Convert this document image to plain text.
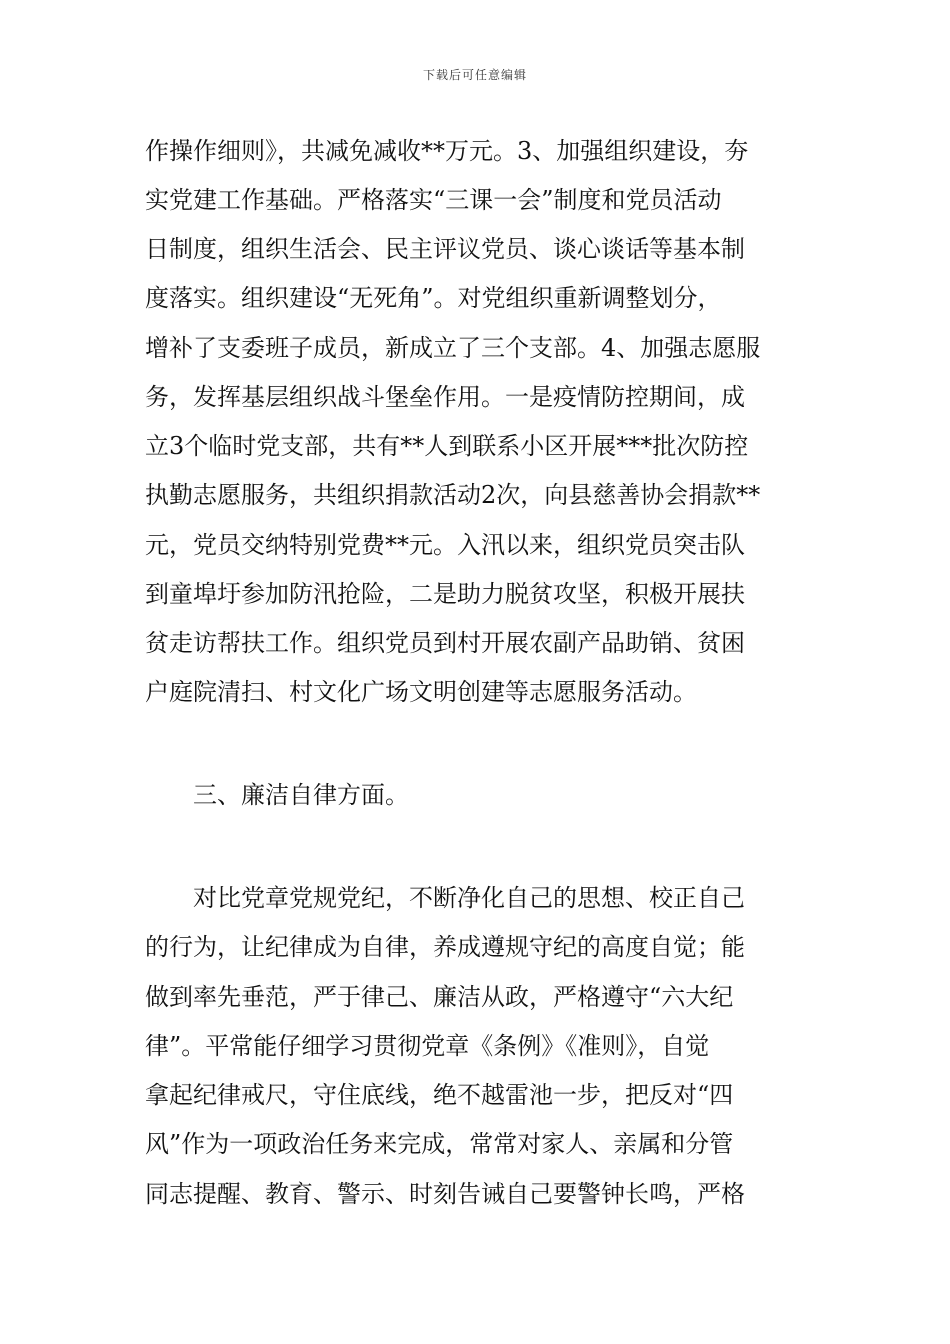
下载后可任意编辑
作操作细则》，共减免减收**万元。3、加强组织建设，夯
实党建工作基础。严格落实“三课一会”制度和党员活动
日制度，组织生活会、民主评议党员、谈心谈话等基本制
度落实。组织建设“无死角”。对党组织重新调整划分，
增补了支委班子成员，新成立了三个支部。4、加强志愿服
务，发挥基层组织战斗堡垒作用。一是疫情防控期间，成
立3个临时党支部，共有**人到联系小区开展***批次防控
执勤志愿服务，共组织捐款活动2次，向县慈善协会捐款**
元，党员交纳特别党费**元。入汛以来，组织党员突击队
到童埠圩参加防汛抢险，二是助力脱贫攻坚，积极开展扶
贫走访帮扶工作。组织党员到村开展农副产品助销、贫困
户庭院清扫、村文化广场文明创建等志愿服务活动。
三、廉洁自律方面。
对比党章党规党纪，不断净化自己的思想、校正自己
的行为，让纪律成为自律，养成遵规守纪的高度自觉；能
做到率先垂范，严于律己、廉洁从政，严格遵守“六大纪
律”。平常能仔细学习贯彻党章《条例》《准则》，自觉
拿起纪律戒尺，守住底线，绝不越雷池一步，把反对“四
风”作为一项政治任务来完成，常常对家人、亲属和分管
同志提醒、教育、警示、时刻告诫自己要警钟长鸣，严格
